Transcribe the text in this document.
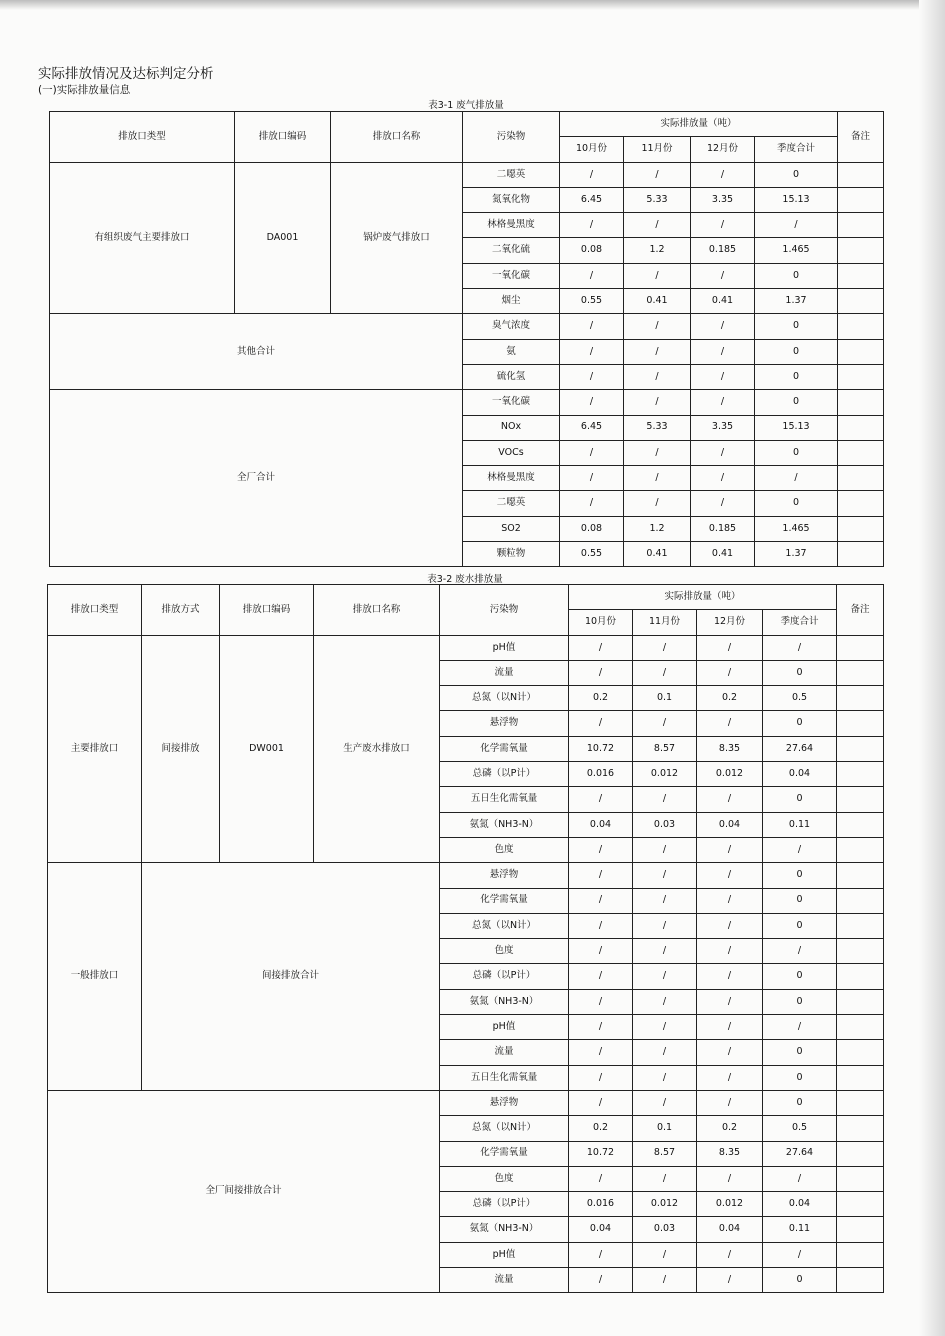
实际排放情况及达标判定分析
(一)实际排放量信息
表3-1 废气排放量
排放口类型	排放口编码	排放口名称	污染物	实际排放量（吨）				备注
				10月份	11月份	12月份	季度合计	
有组织废气主要排放口	DA001	锅炉废气排放口	二噁英	/	/	/	0	
			氮氧化物	6.45	5.33	3.35	15.13	
			林格曼黑度	/	/	/	/	
			二氧化硫	0.08	1.2	0.185	1.465	
			一氧化碳	/	/	/	0	
			烟尘	0.55	0.41	0.41	1.37	
其他合计			臭气浓度	/	/	/	0	
			氨	/	/	/	0	
			硫化氢	/	/	/	0	
全厂合计			一氧化碳	/	/	/	0	
			NOx	6.45	5.33	3.35	15.13	
			VOCs	/	/	/	0	
			林格曼黑度	/	/	/	/	
			二噁英	/	/	/	0	
			SO2	0.08	1.2	0.185	1.465	
			颗粒物	0.55	0.41	0.41	1.37	
表3-2 废水排放量
排放口类型	排放方式	排放口编码	排放口名称	污染物	实际排放量（吨）				备注
					10月份	11月份	12月份	季度合计	
主要排放口	间接排放	DW001	生产废水排放口	pH值	/	/	/	/	
				流量	/	/	/	0	
				总氮（以N计）	0.2	0.1	0.2	0.5	
				悬浮物	/	/	/	0	
				化学需氧量	10.72	8.57	8.35	27.64	
				总磷（以P计）	0.016	0.012	0.012	0.04	
				五日生化需氧量	/	/	/	0	
				氨氮（NH3-N）	0.04	0.03	0.04	0.11	
				色度	/	/	/	/	
一般排放口	间接排放合计			悬浮物	/	/	/	0	
				化学需氧量	/	/	/	0	
				总氮（以N计）	/	/	/	0	
				色度	/	/	/	/	
				总磷（以P计）	/	/	/	0	
				氨氮（NH3-N）	/	/	/	0	
				pH值	/	/	/	/	
				流量	/	/	/	0	
				五日生化需氧量	/	/	/	0	
全厂间接排放合计				悬浮物	/	/	/	0	
				总氮（以N计）	0.2	0.1	0.2	0.5	
				化学需氧量	10.72	8.57	8.35	27.64	
				色度	/	/	/	/	
				总磷（以P计）	0.016	0.012	0.012	0.04	
				氨氮（NH3-N）	0.04	0.03	0.04	0.11	
				pH值	/	/	/	/	
				流量	/	/	/	0	
